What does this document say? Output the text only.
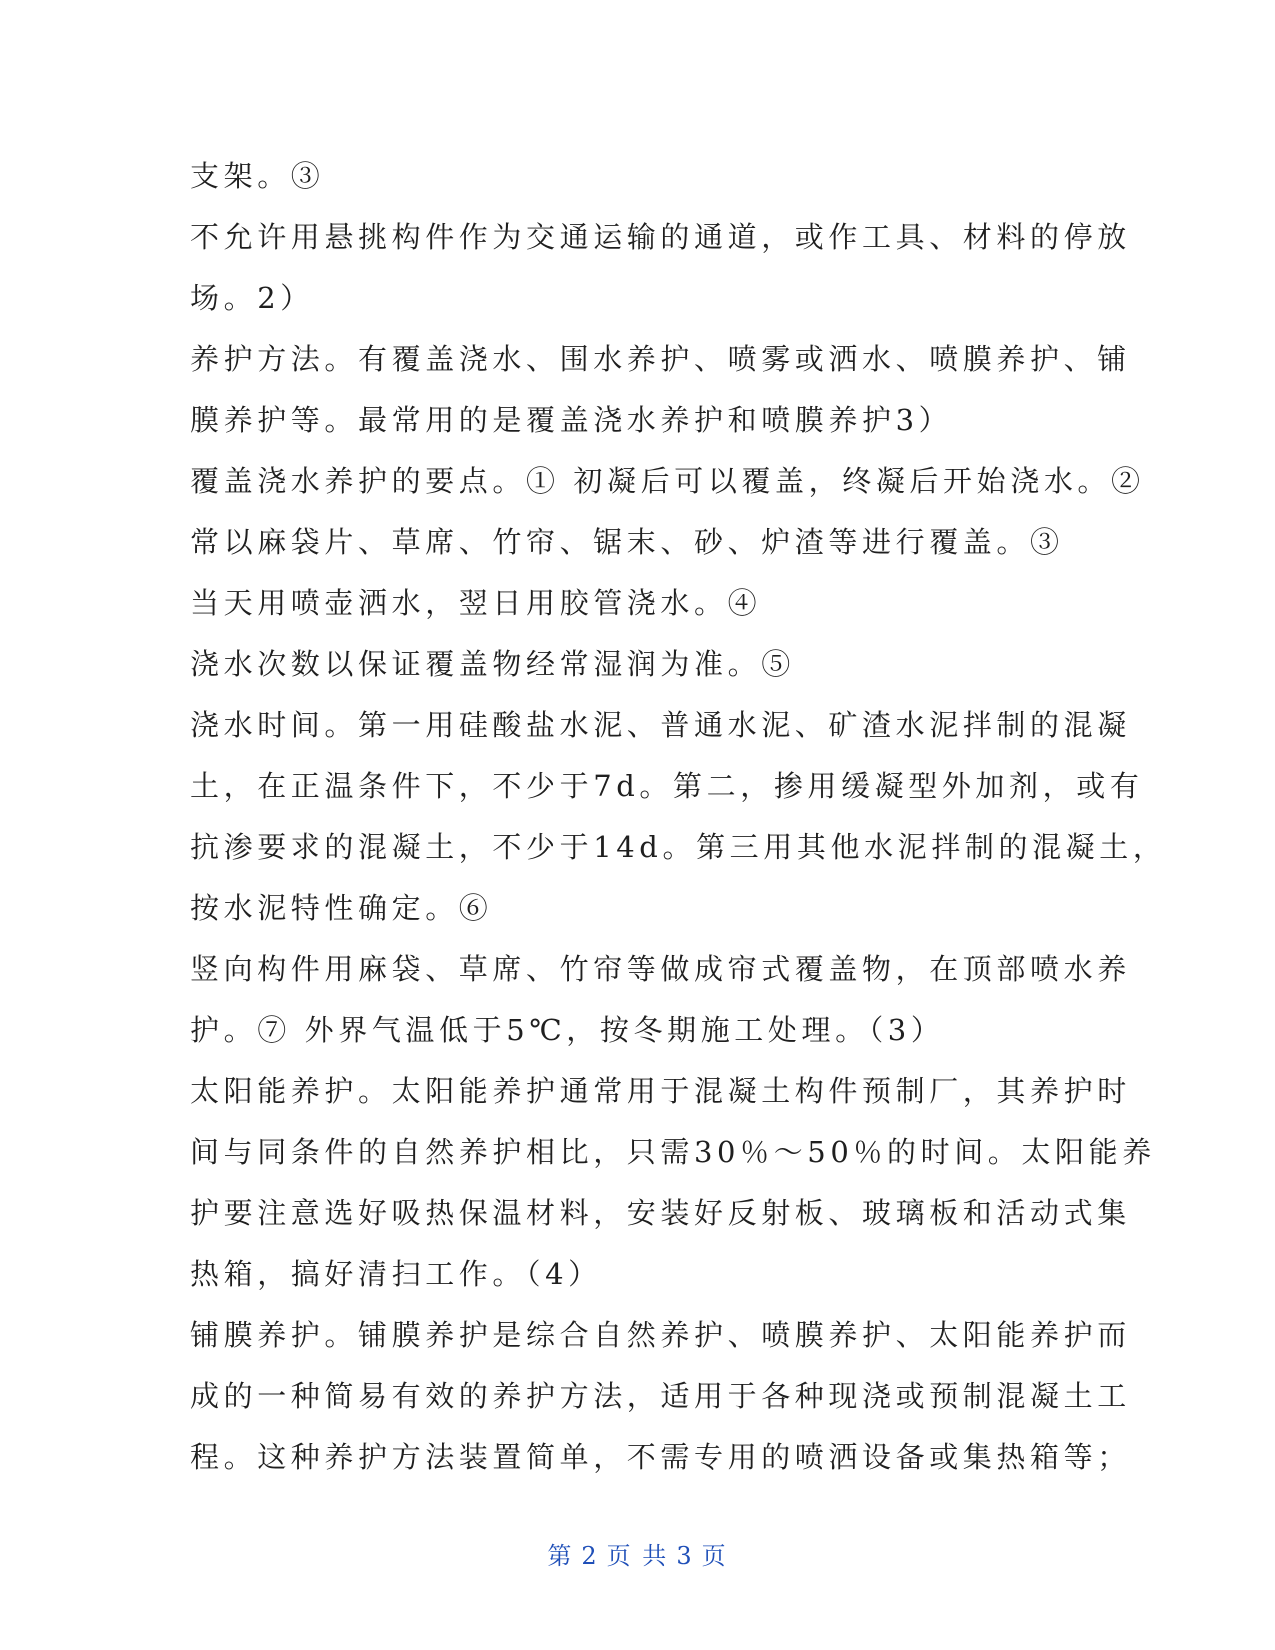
支架。③
不允许用悬挑构件作为交通运输的通道，或作工具、材料的停放
场。2）
养护方法。有覆盖浇水、围水养护、喷雾或洒水、喷膜养护、铺
膜养护等。最常用的是覆盖浇水养护和喷膜养护3）
覆盖浇水养护的要点。① 初凝后可以覆盖，终凝后开始浇水。②
常以麻袋片、草席、竹帘、锯末、砂、炉渣等进行覆盖。③
当天用喷壶洒水，翌日用胶管浇水。④
浇水次数以保证覆盖物经常湿润为准。⑤
浇水时间。第一用硅酸盐水泥、普通水泥、矿渣水泥拌制的混凝
土，在正温条件下，不少于7d。第二，掺用缓凝型外加剂，或有
抗渗要求的混凝土，不少于14d。第三用其他水泥拌制的混凝土，
按水泥特性确定。⑥
竖向构件用麻袋、草席、竹帘等做成帘式覆盖物，在顶部喷水养
护。⑦ 外界气温低于5℃，按冬期施工处理。（3）
太阳能养护。太阳能养护通常用于混凝土构件预制厂，其养护时
间与同条件的自然养护相比，只需30％～50％的时间。太阳能养
护要注意选好吸热保温材料，安装好反射板、玻璃板和活动式集
热箱，搞好清扫工作。（4）
铺膜养护。铺膜养护是综合自然养护、喷膜养护、太阳能养护而
成的一种简易有效的养护方法，适用于各种现浇或预制混凝土工
程。这种养护方法装置简单，不需专用的喷洒设备或集热箱等；
第 2 页 共 3 页
